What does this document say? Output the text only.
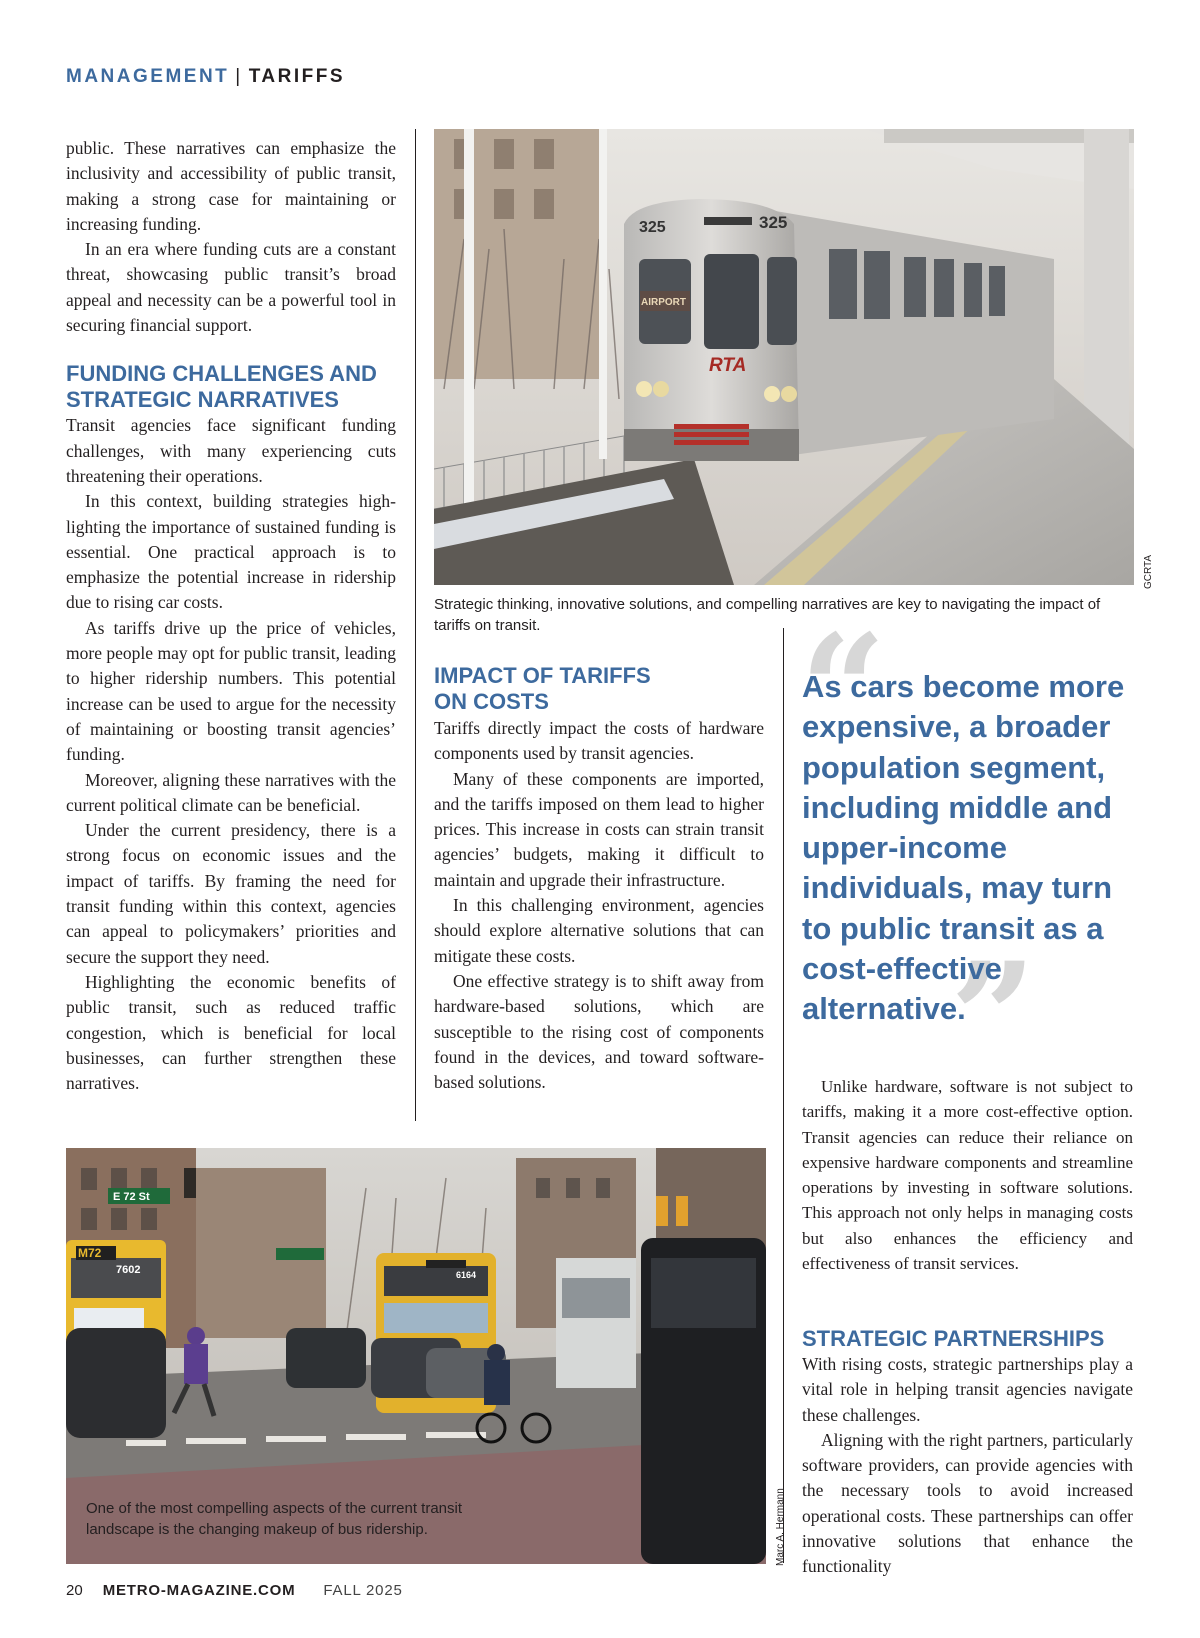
MANAGEMENT | TARIFFS

public. These narratives can emphasize the inclusivity and accessibility of public transit, making a strong case for maintaining or increasing funding.

In an era where funding cuts are a constant threat, showcasing public transit’s broad appeal and necessity can be a powerful tool in securing financial support.

FUNDING CHALLENGES AND STRATEGIC NARRATIVES

Transit agencies face significant funding challenges, with many experiencing cuts threatening their operations.

In this context, building strategies highlighting the importance of sustained funding is essential. One practical approach is to emphasize the potential increase in ridership due to rising car costs.

As tariffs drive up the price of vehicles, more people may opt for public transit, leading to higher ridership numbers. This potential increase can be used to argue for the necessity of maintaining or boosting transit agencies’ funding.

Moreover, aligning these narratives with the current political climate can be beneficial.

Under the current presidency, there is a strong focus on economic issues and the impact of tariffs. By framing the need for transit funding within this context, agencies can appeal to policymakers’ priorities and secure the support they need.

Highlighting the economic benefits of public transit, such as reduced traffic congestion, which is beneficial for local businesses, can further strengthen these narratives.

325	325
AIRPORT
RTA
GCRTA
Strategic thinking, innovative solutions, and compelling narratives are key to navigating the impact of tariffs on transit.
IMPACT OF TARIFFS ON COSTS

Tariffs directly impact the costs of hardware components used by transit agencies.

Many of these components are imported, and the tariffs imposed on them lead to higher prices. This increase in costs can strain transit agencies’ budgets, making it difficult to maintain and upgrade their infrastructure.

In this challenging environment, agencies should explore alternative solutions that can mitigate these costs.

One effective strategy is to shift away from hardware-based solutions, which are susceptible to the rising cost of components found in the devices, and toward software-based solutions.

“
”
As cars become more expensive, a broader population segment, including middle and upper-income individuals, may turn to public transit as a cost-effective alternative.

Unlike hardware, software is not subject to tariffs, making it a more cost-effective option. Transit agencies can reduce their reliance on expensive hardware components and streamline operations by investing in software solutions. This approach not only helps in managing costs but also enhances the efficiency and effectiveness of transit services.

STRATEGIC PARTNERSHIPS

With rising costs, strategic partnerships play a vital role in helping transit agencies navigate these challenges.

Aligning with the right partners, particularly software providers, can provide agencies with the necessary tools to avoid increased operational costs. These partnerships can offer innovative solutions that enhance the functionality

E 72 St
M72
7602	6164
One of the most compelling aspects of the current transit landscape is the changing makeup of bus ridership.	Marc A. Hermann
20 METRO-MAGAZINE.COM FALL 2025
